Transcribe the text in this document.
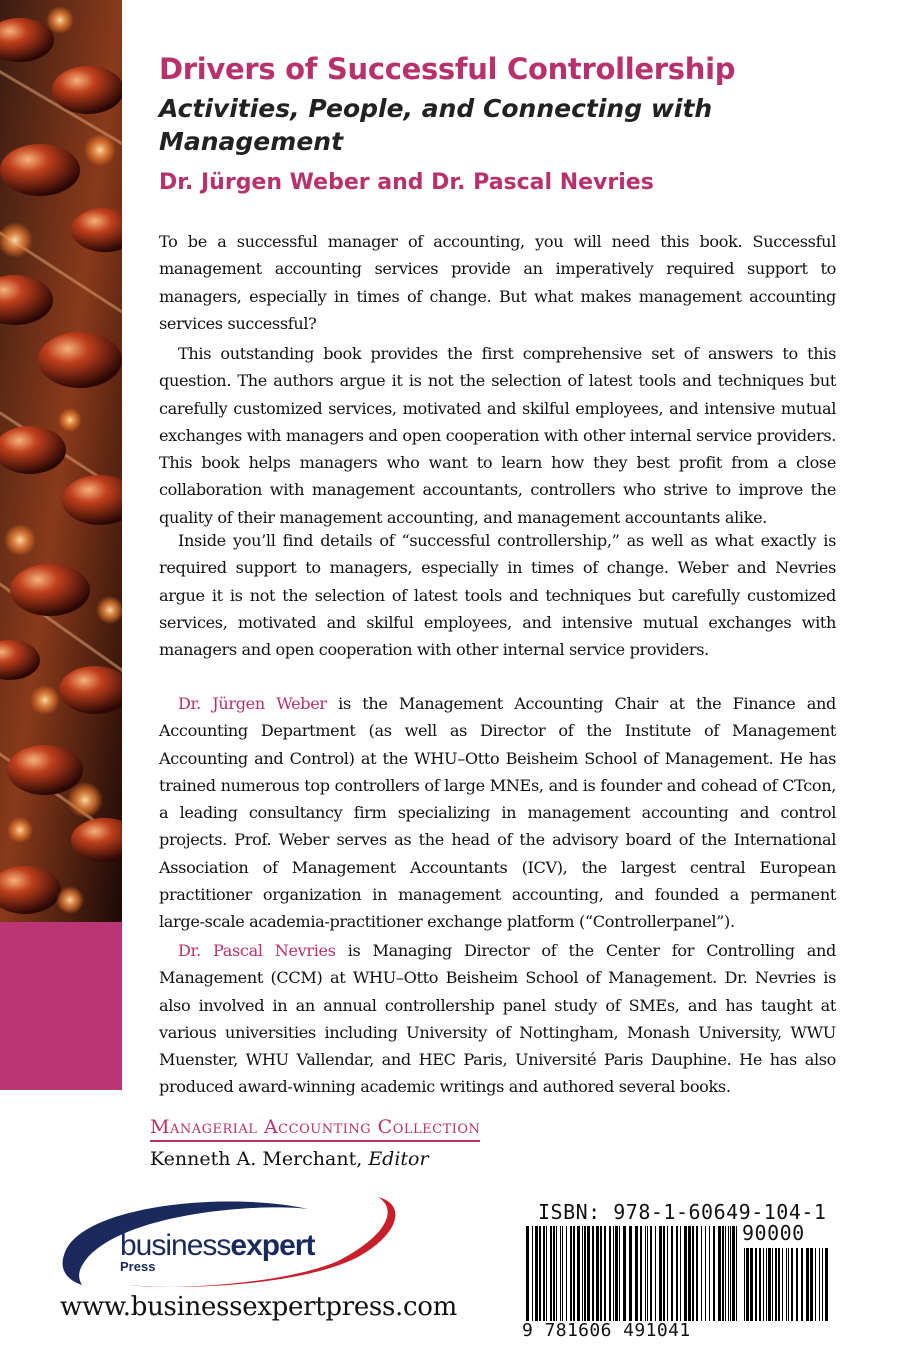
Drivers of Successful Controllership
Activities, People, and Connecting with Management
Dr. Jürgen Weber and Dr. Pascal Nevries

To be a successful manager of accounting, you will need this book. Successful management accounting services provide an imperatively required support to managers, especially in times of change. But what makes management accounting services successful?

This outstanding book provides the first comprehensive set of answers to this question. The authors argue it is not the selection of latest tools and techniques but carefully customized services, motivated and skilful employees, and intensive mutual exchanges with managers and open cooperation with other internal service providers. This book helps managers who want to learn how they best profit from a close collaboration with management accountants, controllers who strive to improve the quality of their management accounting, and management accountants alike.

Inside you’ll find details of “successful controllership,” as well as what exactly is required support to managers, especially in times of change. Weber and Nevries argue it is not the selection of latest tools and techniques but carefully customized services, motivated and skilful employees, and intensive mutual exchanges with managers and open cooperation with other internal service providers.

Dr. Jürgen Weber is the Management Accounting Chair at the Finance and Accounting Department (as well as Director of the Institute of Management Accounting and Control) at the WHU–Otto Beisheim School of Management. He has trained numerous top controllers of large MNEs, and is founder and cohead of CTcon, a leading consultancy firm specializing in management accounting and control projects. Prof. Weber serves as the head of the advisory board of the International Association of Management Accountants (ICV), the largest central European practitioner organization in management accounting, and founded a permanent large-scale academia-practitioner exchange platform (“Controllerpanel”).

Dr. Pascal Nevries is Managing Director of the Center for Controlling and Management (CCM) at WHU–Otto Beisheim School of Management. Dr. Nevries is also involved in an annual controllership panel study of SMEs, and has taught at various universities including University of Nottingham, Monash University, WWU Muenster, WHU Vallendar, and HEC Paris, Université Paris Dauphine. He has also produced award-winning academic writings and authored several books.

Managerial Accounting Collection

Kenneth A. Merchant, Editor

businessexpert
Press

www.businessexpertpress.com

ISBN: 978-1-60649-104-1

90000

9 781606 491041
